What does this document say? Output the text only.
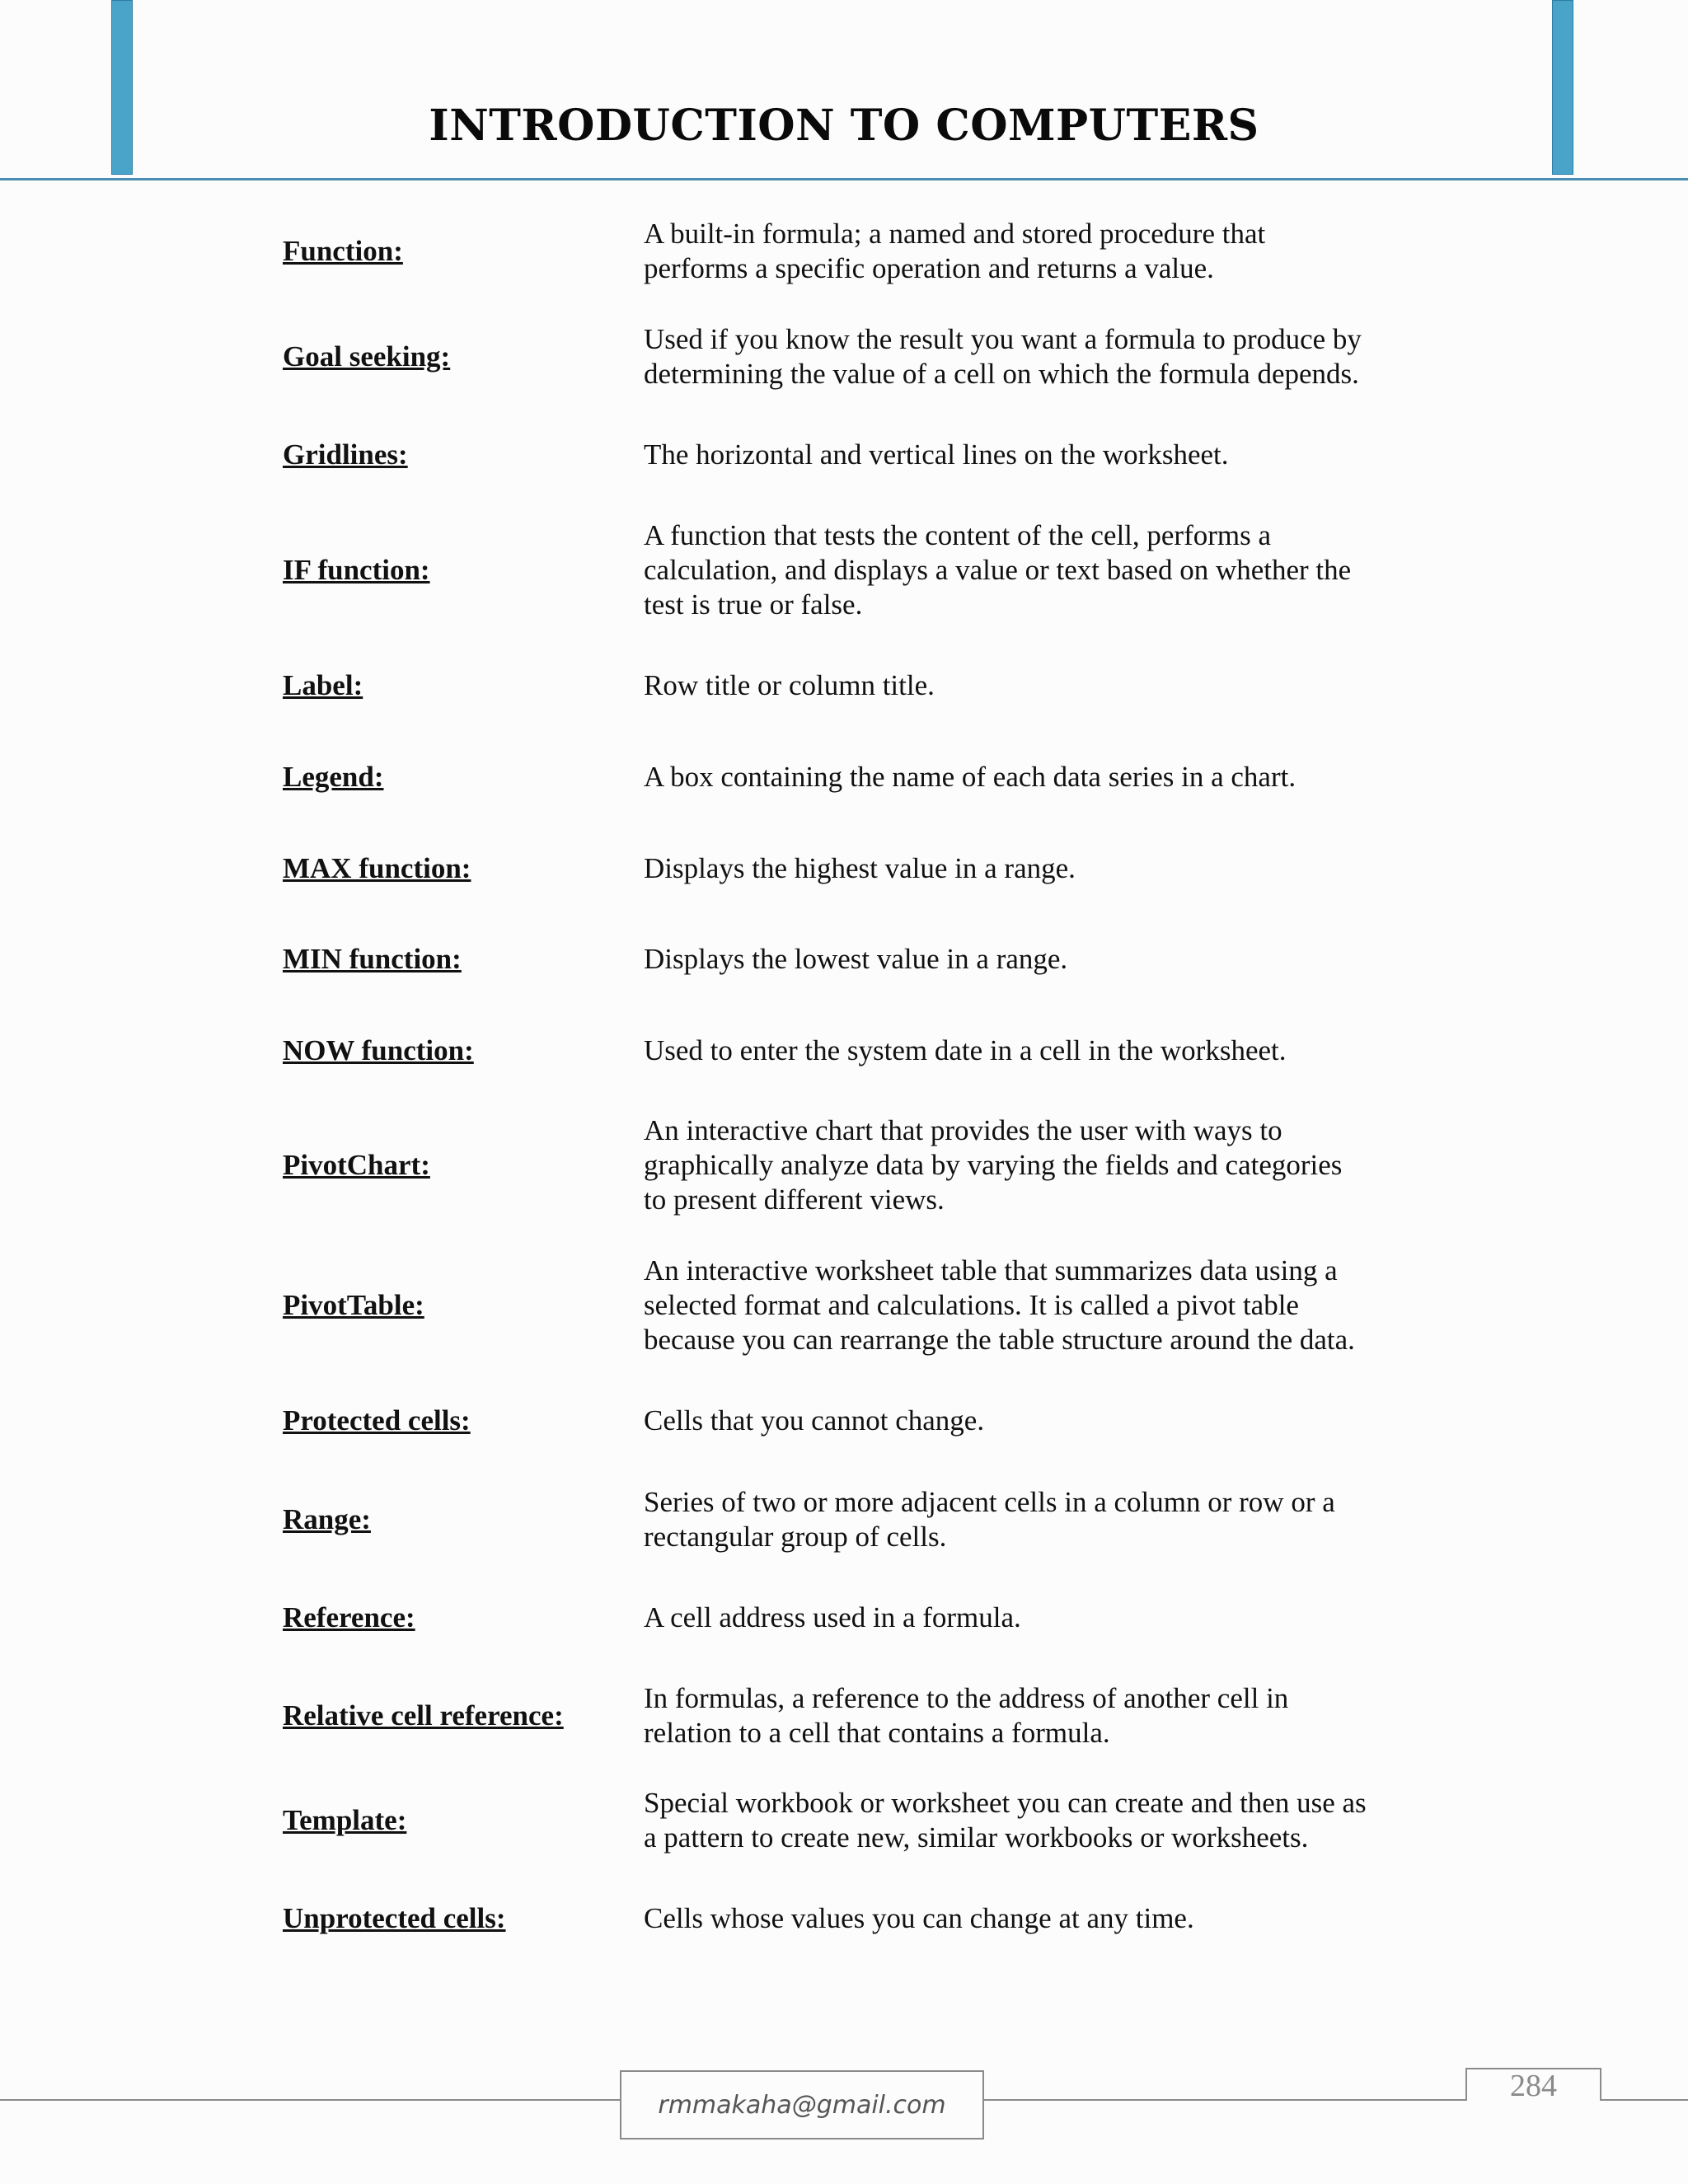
INTRODUCTION TO COMPUTERS
Function:
A built-in formula; a named and stored procedure that
performs a specific operation and returns a value.
Goal seeking:
Used if you know the result you want a formula to produce by
determining the value of a cell on which the formula depends.
Gridlines:	The horizontal and vertical lines on the worksheet.
IF function:
A function that tests the content of the cell, performs a
calculation, and displays a value or text based on whether the
test is true or false.
Label:	Row title or column title.
Legend:	A box containing the name of each data series in a chart.
MAX function:	Displays the highest value in a range.
MIN function:	Displays the lowest value in a range.
NOW function:	Used to enter the system date in a cell in the worksheet.
PivotChart:
An interactive chart that provides the user with ways to
graphically analyze data by varying the fields and categories
to present different views.
PivotTable:
An interactive worksheet table that summarizes data using a
selected format and calculations. It is called a pivot table
because you can rearrange the table structure around the data.
Protected cells:	Cells that you cannot change.
Range:
Series of two or more adjacent cells in a column or row or a
rectangular group of cells.
Reference:	A cell address used in a formula.
Relative cell reference:
In formulas, a reference to the address of another cell in
relation to a cell that contains a formula.
Template:
Special workbook or worksheet you can create and then use as
a pattern to create new, similar workbooks or worksheets.
Unprotected cells:	Cells whose values you can change at any time.
rmmakaha@gmail.com
284
